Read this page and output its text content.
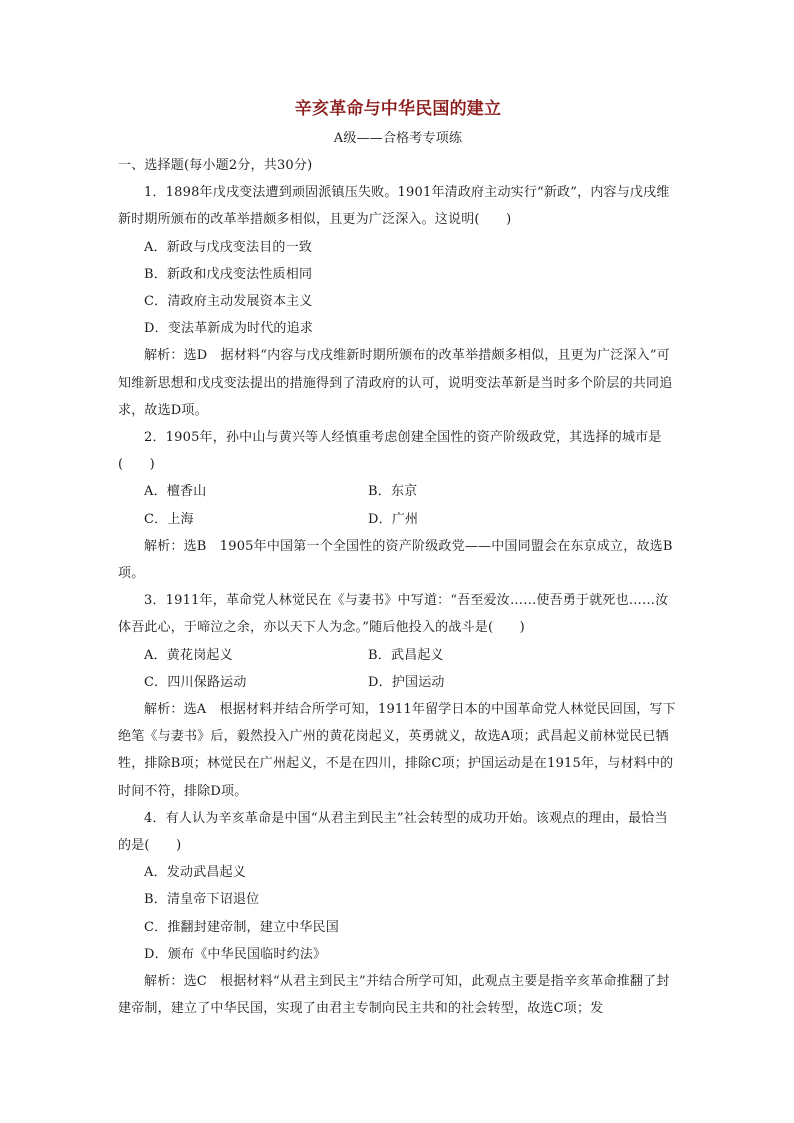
辛亥革命与中华民国的建立
A级——合格考专项练

一、选择题(每小题2分，共30分)

1．1898年戊戌变法遭到顽固派镇压失败。1901年清政府主动实行“新政”，内容与戊戌维新时期所颁布的改革举措颇多相似，且更为广泛深入。这说明(　　)

A．新政与戊戌变法目的一致

B．新政和戊戌变法性质相同

C．清政府主动发展资本主义

D．变法革新成为时代的追求

解析：选D　据材料“内容与戊戌维新时期所颁布的改革举措颇多相似，且更为广泛深入”可知维新思想和戊戌变法提出的措施得到了清政府的认可，说明变法革新是当时多个阶层的共同追求，故选D项。

2．1905年，孙中山与黄兴等人经慎重考虑创建全国性的资产阶级政党，其选择的城市是(　　)

A．檀香山	B．东京
C．上海	D．广州

解析：选B　1905年中国第一个全国性的资产阶级政党——中国同盟会在东京成立，故选B项。

3．1911年，革命党人林觉民在《与妻书》中写道：“吾至爱汝……使吾勇于就死也……汝体吾此心，于啼泣之余，亦以天下人为念。”随后他投入的战斗是(　　)

A．黄花岗起义	B．武昌起义
C．四川保路运动	D．护国运动

解析：选A　根据材料并结合所学可知，1911年留学日本的中国革命党人林觉民回国，写下绝笔《与妻书》后，毅然投入广州的黄花岗起义，英勇就义，故选A项；武昌起义前林觉民已牺牲，排除B项；林觉民在广州起义，不是在四川，排除C项；护国运动是在1915年，与材料中的时间不符，排除D项。

4．有人认为辛亥革命是中国“从君主到民主”社会转型的成功开始。该观点的理由，最恰当的是(　　)

A．发动武昌起义

B．清皇帝下诏退位

C．推翻封建帝制，建立中华民国

D．颁布《中华民国临时约法》

解析：选C　根据材料“从君主到民主”并结合所学可知，此观点主要是指辛亥革命推翻了封建帝制，建立了中华民国，实现了由君主专制向民主共和的社会转型，故选C项；发
